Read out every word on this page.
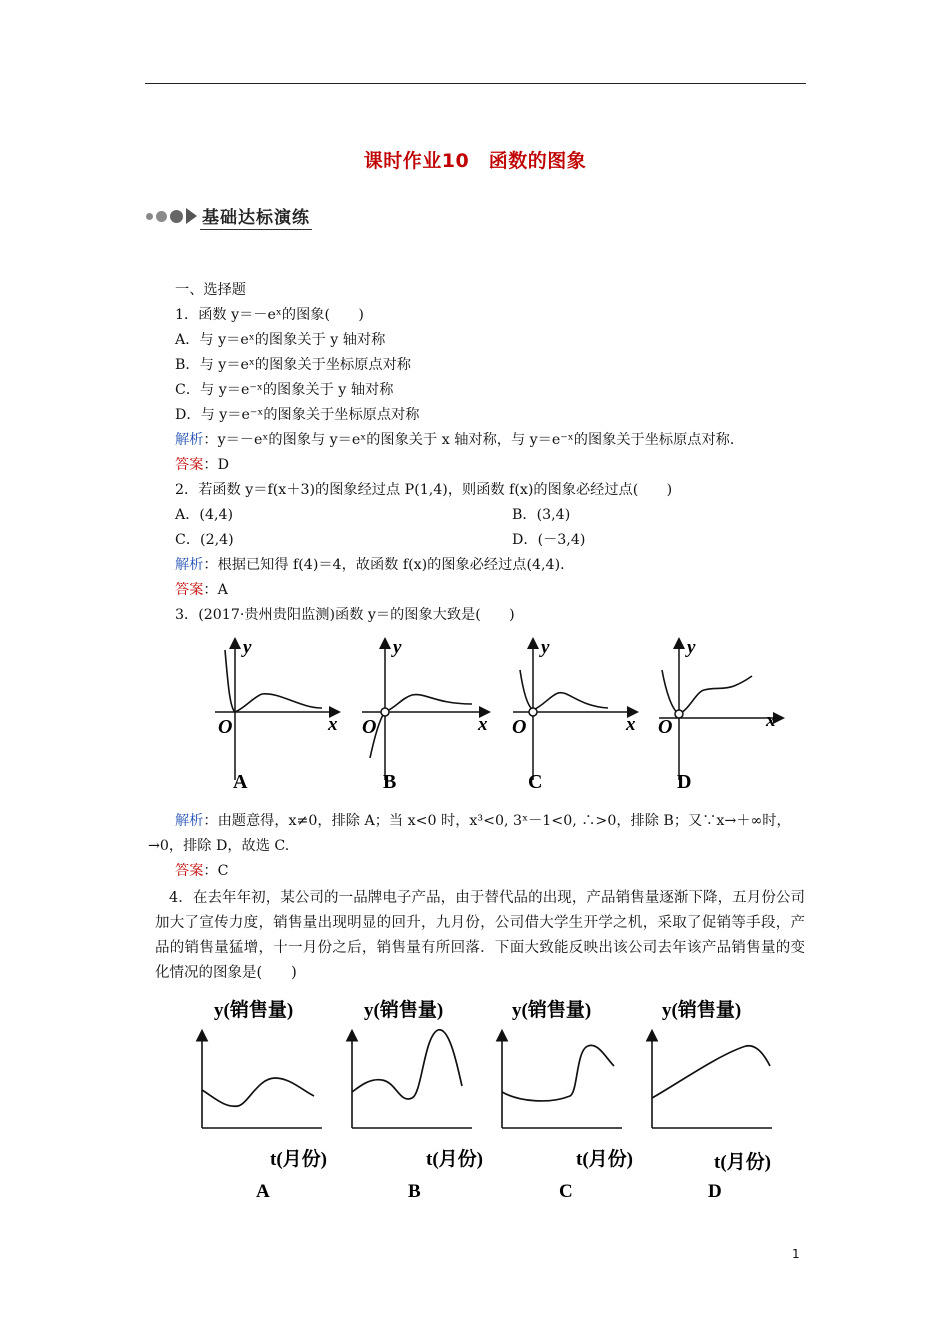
课时作业10　函数的图象
基础达标演练
一、选择题
1．函数 y＝－eˣ的图象(　　)
A．与 y＝eˣ的图象关于 y 轴对称
B．与 y＝eˣ的图象关于坐标原点对称
C．与 y＝e⁻ˣ的图象关于 y 轴对称
D．与 y＝e⁻ˣ的图象关于坐标原点对称
解析：y＝－eˣ的图象与 y＝eˣ的图象关于 x 轴对称，与 y＝e⁻ˣ的图象关于坐标原点对称．
答案：D
2．若函数 y＝f(x＋3)的图象经过点 P(1,4)，则函数 f(x)的图象必经过点(　　)
A．(4,4)	B．(3,4)
C．(2,4)	D．(－3,4)
解析：根据已知得 f(4)＝4，故函数 f(x)的图象必经过点(4,4)．
答案：A
3．(2017·贵州贵阳监测)函数 y＝的图象大致是(　　)
y
x
O
A
y
x
O
B
y
x
O
C
y
x
O
D
解析：由题意得，x≠0，排除 A；当 x<0 时，x³<0, 3ˣ－1<0, ∴>0，排除 B；又∵x→＋∞时，
→0，排除 D，故选 C.
答案：C
4．在去年年初，某公司的一品牌电子产品，由于替代品的出现，产品销售量逐渐下降，五月份公司加大了宣传力度，销售量出现明显的回升，九月份，公司借大学生开学之机，采取了促销等手段，产品的销售量猛增，十一月份之后，销售量有所回落．下面大致能反映出该公司去年该产品销售量的变化情况的图象是(　　)
y(销售量)
t(月份)
A
y(销售量)
t(月份)
B
y(销售量)
t(月份)
C
y(销售量)
t(月份)
D
1
